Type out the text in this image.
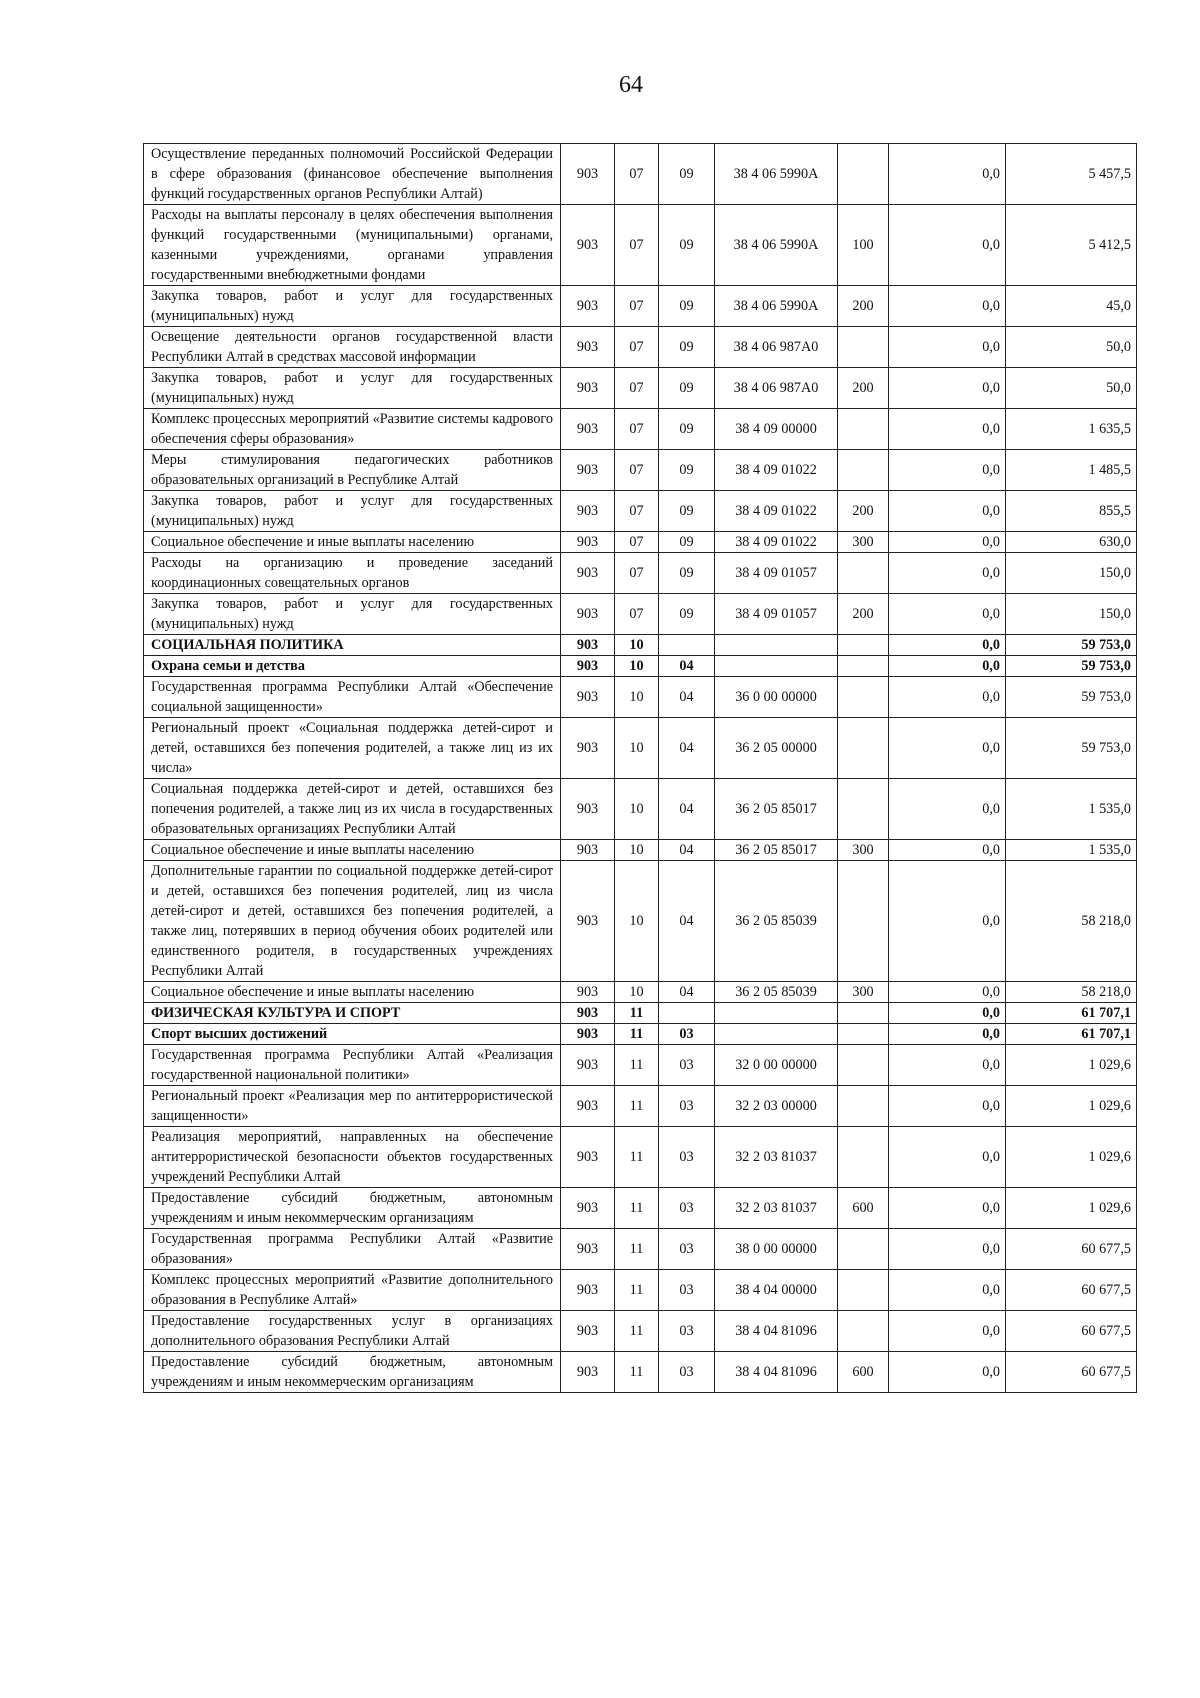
64
Осуществление переданных полномочий Российской Федерации в сфере образования (финансовое обеспечение выполнения функций государственных органов Республики Алтай)	903	07	09	38 4 06 5990А		0,0	5 457,5
Расходы на выплаты персоналу в целях обеспечения выполнения функций государственными (муниципальными) органами, казенными учреждениями, органами управления государственными внебюджетными фондами	903	07	09	38 4 06 5990А	100	0,0	5 412,5
Закупка товаров, работ и услуг для государственных (муниципальных) нужд	903	07	09	38 4 06 5990А	200	0,0	45,0
Освещение деятельности органов государственной власти Республики Алтай в средствах массовой информации	903	07	09	38 4 06 987А0		0,0	50,0
Закупка товаров, работ и услуг для государственных (муниципальных) нужд	903	07	09	38 4 06 987А0	200	0,0	50,0
Комплекс процессных мероприятий «Развитие системы кадрового обеспечения сферы образования»	903	07	09	38 4 09 00000		0,0	1 635,5
Меры стимулирования педагогических работников образовательных организаций в Республике Алтай	903	07	09	38 4 09 01022		0,0	1 485,5
Закупка товаров, работ и услуг для государственных (муниципальных) нужд	903	07	09	38 4 09 01022	200	0,0	855,5
Социальное обеспечение и иные выплаты населению	903	07	09	38 4 09 01022	300	0,0	630,0
Расходы на организацию и проведение заседаний координационных совещательных органов	903	07	09	38 4 09 01057		0,0	150,0
Закупка товаров, работ и услуг для государственных (муниципальных) нужд	903	07	09	38 4 09 01057	200	0,0	150,0
СОЦИАЛЬНАЯ ПОЛИТИКА	903	10				0,0	59 753,0
Охрана семьи и детства	903	10	04			0,0	59 753,0
Государственная программа Республики Алтай «Обеспечение социальной защищенности»	903	10	04	36 0 00 00000		0,0	59 753,0
Региональный проект «Социальная поддержка детей-сирот и детей, оставшихся без попечения родителей, а также лиц из их числа»	903	10	04	36 2 05 00000		0,0	59 753,0
Социальная поддержка детей-сирот и детей, оставшихся без попечения родителей, а также лиц из их числа в государственных образовательных организациях Республики Алтай	903	10	04	36 2 05 85017		0,0	1 535,0
Социальное обеспечение и иные выплаты населению	903	10	04	36 2 05 85017	300	0,0	1 535,0
Дополнительные гарантии по социальной поддержке детей-сирот и детей, оставшихся без попечения родителей, лиц из числа детей-сирот и детей, оставшихся без попечения родителей, а также лиц, потерявших в период обучения обоих родителей или единственного родителя, в государственных учреждениях Республики Алтай	903	10	04	36 2 05 85039		0,0	58 218,0
Социальное обеспечение и иные выплаты населению	903	10	04	36 2 05 85039	300	0,0	58 218,0
ФИЗИЧЕСКАЯ КУЛЬТУРА И СПОРТ	903	11				0,0	61 707,1
Спорт высших достижений	903	11	03			0,0	61 707,1
Государственная программа Республики Алтай «Реализация государственной национальной политики»	903	11	03	32 0 00 00000		0,0	1 029,6
Региональный проект «Реализация мер по антитеррористической защищенности»	903	11	03	32 2 03 00000		0,0	1 029,6
Реализация мероприятий, направленных на обеспечение антитеррористической безопасности объектов государственных учреждений Республики Алтай	903	11	03	32 2 03 81037		0,0	1 029,6
Предоставление субсидий бюджетным, автономным учреждениям и иным некоммерческим организациям	903	11	03	32 2 03 81037	600	0,0	1 029,6
Государственная программа Республики Алтай «Развитие образования»	903	11	03	38 0 00 00000		0,0	60 677,5
Комплекс процессных мероприятий «Развитие дополнительного образования в Республике Алтай»	903	11	03	38 4 04 00000		0,0	60 677,5
Предоставление государственных услуг в организациях дополнительного образования Республики Алтай	903	11	03	38 4 04 81096		0,0	60 677,5
Предоставление субсидий бюджетным, автономным учреждениям и иным некоммерческим организациям	903	11	03	38 4 04 81096	600	0,0	60 677,5
